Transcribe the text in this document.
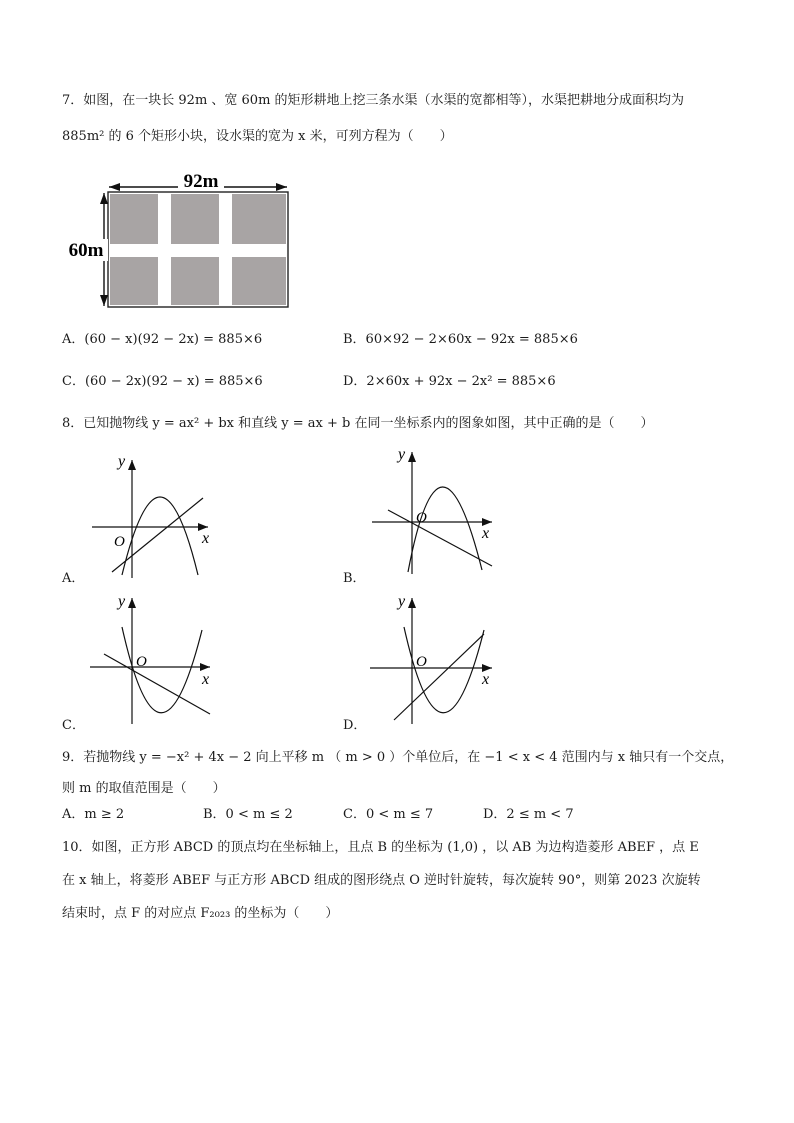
7．如图，在一块长 92m 、宽 60m 的矩形耕地上挖三条水渠（水渠的宽都相等），水渠把耕地分成面积均为
885m² 的 6 个矩形小块，设水渠的宽为 x 米，可列方程为（　　）
92m
60m
A．(60 − x)(92 − 2x) = 885×6	B．60×92 − 2×60x − 92x = 885×6
C．(60 − 2x)(92 − x) = 885×6	D．2×60x + 92x − 2x² = 885×6
8．已知抛物线 y = ax² + bx 和直线 y = ax + b 在同一坐标系内的图象如图，其中正确的是（　　）
y
x
O
A．
y
x
O
B．
y
x
O
C．
y
x
O
D．
9．若抛物线 y = −x² + 4x − 2 向上平移 m （ m > 0 ）个单位后，在 −1 < x < 4 范围内与 x 轴只有一个交点，
则 m 的取值范围是（　　）
A．m ≥ 2	B．0 < m ≤ 2	C．0 < m ≤ 7	D．2 ≤ m < 7
10．如图，正方形 ABCD 的顶点均在坐标轴上，且点 B 的坐标为 (1,0) ，以 AB 为边构造菱形 ABEF ，点 E
在 x 轴上，将菱形 ABEF 与正方形 ABCD 组成的图形绕点 O 逆时针旋转，每次旋转 90°，则第 2023 次旋转
结束时，点 F 的对应点 F₂₀₂₃ 的坐标为（　　）
